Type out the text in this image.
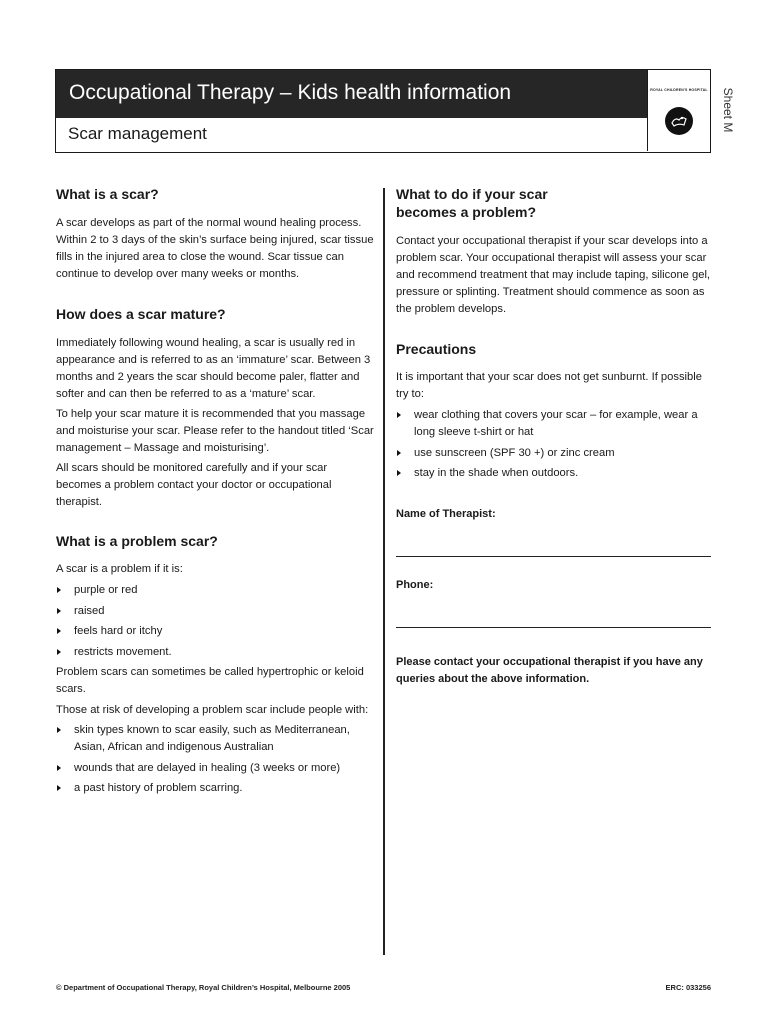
Occupational Therapy – Kids health information
Scar management
ROYAL CHILDREN'S HOSPITAL Sheet M
What is a scar?

A scar develops as part of the normal wound healing process. Within 2 to 3 days of the skin’s surface being injured, scar tissue fills in the injured area to close the wound. Scar tissue can continue to develop over many weeks or months.

How does a scar mature?

Immediately following wound healing, a scar is usually red in appearance and is referred to as an ‘immature’ scar. Between 3 months and 2 years the scar should become paler, flatter and softer and can then be referred to as a ‘mature’ scar.

To help your scar mature it is recommended that you massage and moisturise your scar. Please refer to the handout titled ‘Scar management – Massage and moisturising’.

All scars should be monitored carefully and if your scar becomes a problem contact your doctor or occupational therapist.

What is a problem scar?

A scar is a problem if it is:

purple or red
raised
feels hard or itchy
restricts movement.

Problem scars can sometimes be called hypertrophic or keloid scars.

Those at risk of developing a problem scar include people with:

skin types known to scar easily, such as Mediterranean, Asian, African and indigenous Australian
wounds that are delayed in healing (3 weeks or more)
a past history of problem scarring.
What to do if your scar becomes a problem?

Contact your occupational therapist if your scar develops into a problem scar. Your occupational therapist will assess your scar and recommend treatment that may include taping, silicone gel, pressure or splinting. Treatment should commence as soon as the problem develops.

Precautions

It is important that your scar does not get sunburnt. If possible try to:

wear clothing that covers your scar – for example, wear a long sleeve t-shirt or hat
use sunscreen (SPF 30 +) or zinc cream
stay in the shade when outdoors.
Name of Therapist:
Phone:

Please contact your occupational therapist if you have any queries about the above information.

© Department of Occupational Therapy, Royal Children’s Hospital, Melbourne 2005	ERC: 033256
